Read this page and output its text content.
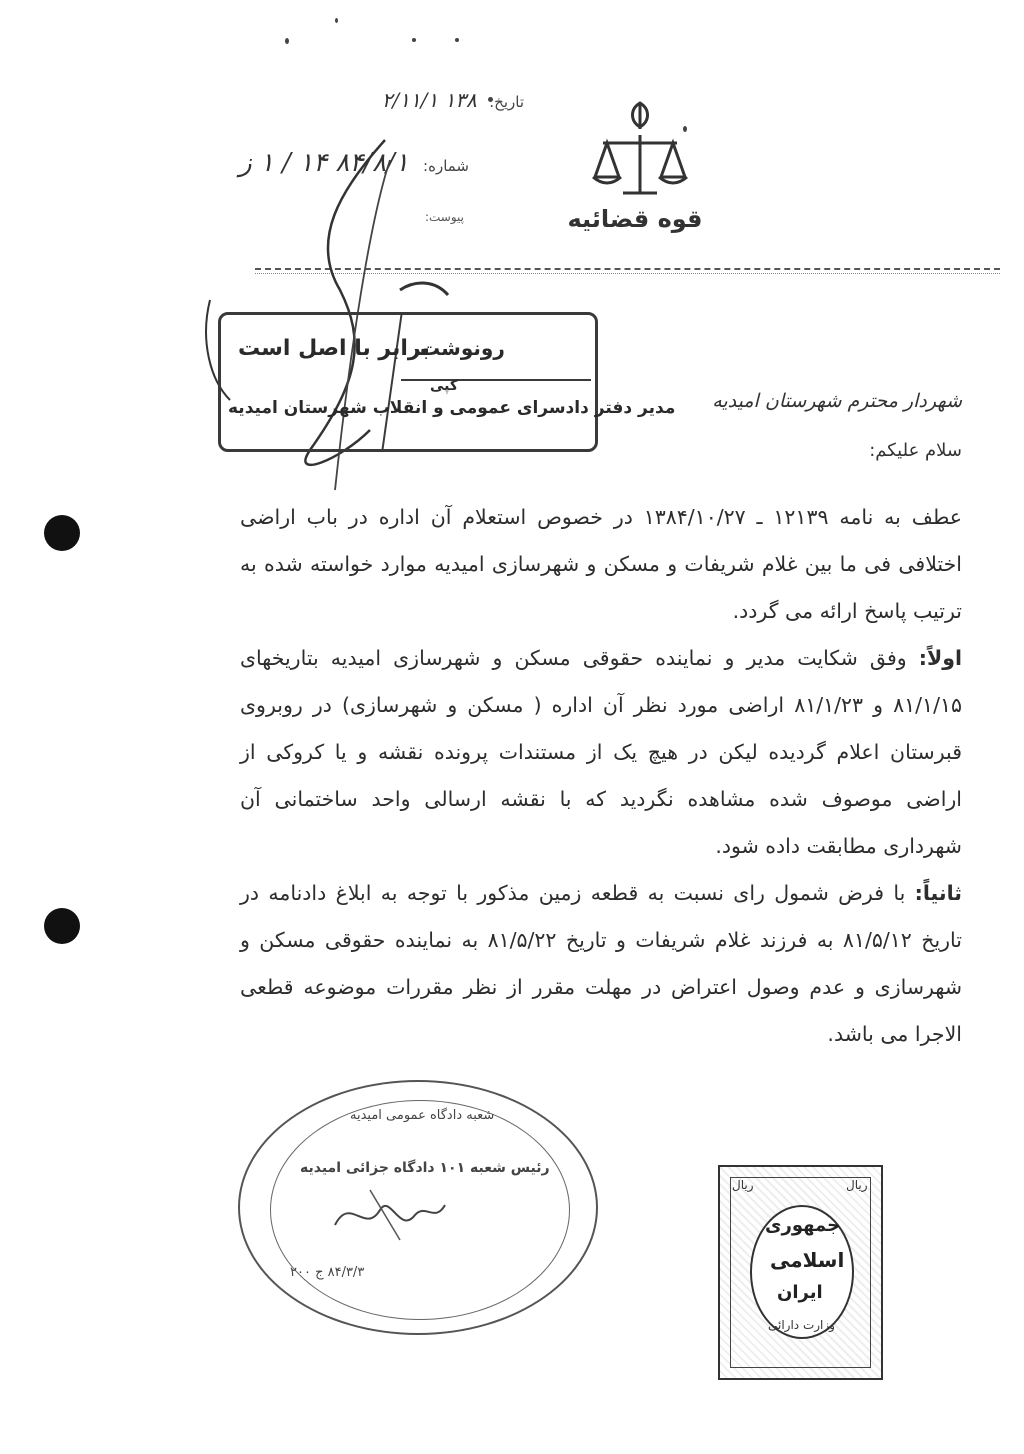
تاریخ: ۱۳۸ ۲/۱۱/۱
شماره: ۸۴/۸/۱ ۱۴ / ۱ ز
پیوست:	قوه قضائیه
رونوشت
کپی
برابر با اصل است
مدیر دفتر دادسرای عمومی و انقلاب شهرستان امیدیه شهردار محترم شهرستان امیدیه
سلام علیکم:

عطف به نامه ۱۲۱۳۹ ـ ۱۳۸۴/۱۰/۲۷ در خصوص استعلام آن اداره در باب اراضی اختلافی فی ما بین غلام شریفات و مسکن و شهرسازی امیدیه موارد خواسته شده به ترتیب پاسخ ارائه می گردد.

اولاً: وفق شکایت مدیر و نماینده حقوقی مسکن و شهرسازی امیدیه بتاریخهای ۸۱/۱/۱۵ و ۸۱/۱/۲۳ اراضی مورد نظر آن اداره ( مسکن و شهرسازی) در روبروی قبرستان اعلام گردیده لیکن در هیچ یک از مستندات پرونده نقشه و یا کروکی از اراضی موصوف شده مشاهده نگردید که با نقشه ارسالی واحد ساختمانی آن شهرداری مطابقت داده شود.

ثانیاً: با فرض شمول رای نسبت به قطعه زمین مذکور با توجه به ابلاغ دادنامه در تاریخ ۸۱/۵/۱۲ به فرزند غلام شریفات و تاریخ ۸۱/۵/۲۲ به نماینده حقوقی مسکن و شهرسازی و عدم وصول اعتراض در مهلت مقرر از نظر مقررات موضوعه قطعی الاجرا می باشد.

شعبه دادگاه عمومی امیدیه
رئیس شعبه ۱۰۱ دادگاه جزائی امیدیه
۸۴/۳/۳ ج ۲۰۰
جمهوری
اسلامی
ایران
وزارت دارائی
ریال	ریال
